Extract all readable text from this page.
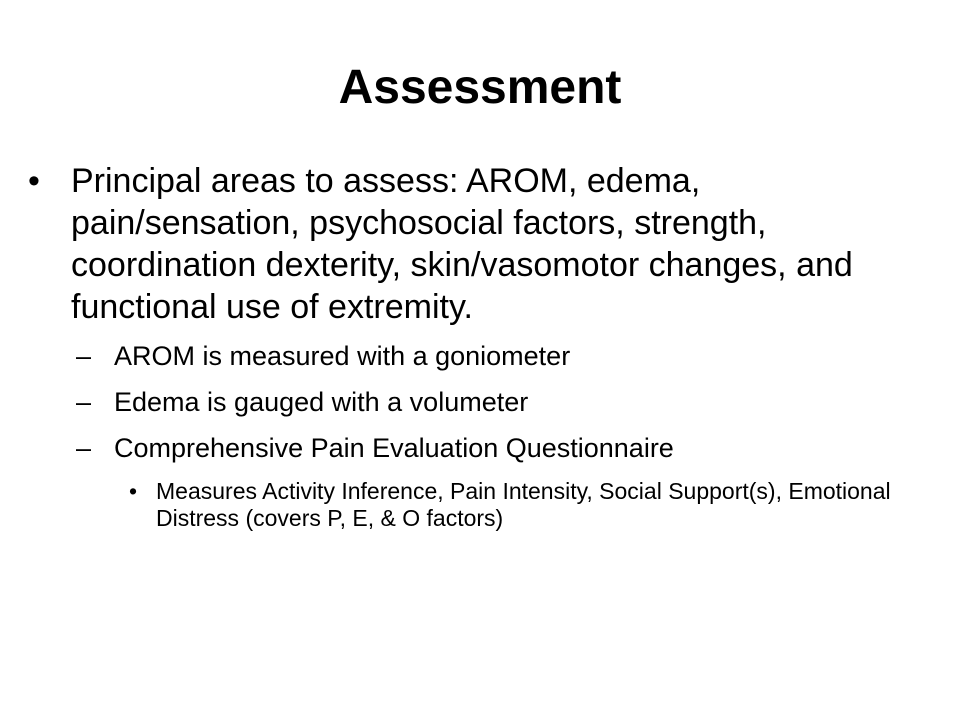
Assessment
• Principal areas to assess: AROM, edema, pain/sensation, psychosocial factors, strength, coordination dexterity, skin/vasomotor changes, and functional use of extremity.
– AROM is measured with a goniometer
– Edema is gauged with a volumeter
– Comprehensive Pain Evaluation Questionnaire
• Measures Activity Inference, Pain Intensity, Social Support(s), Emotional Distress (covers P, E, & O factors)
